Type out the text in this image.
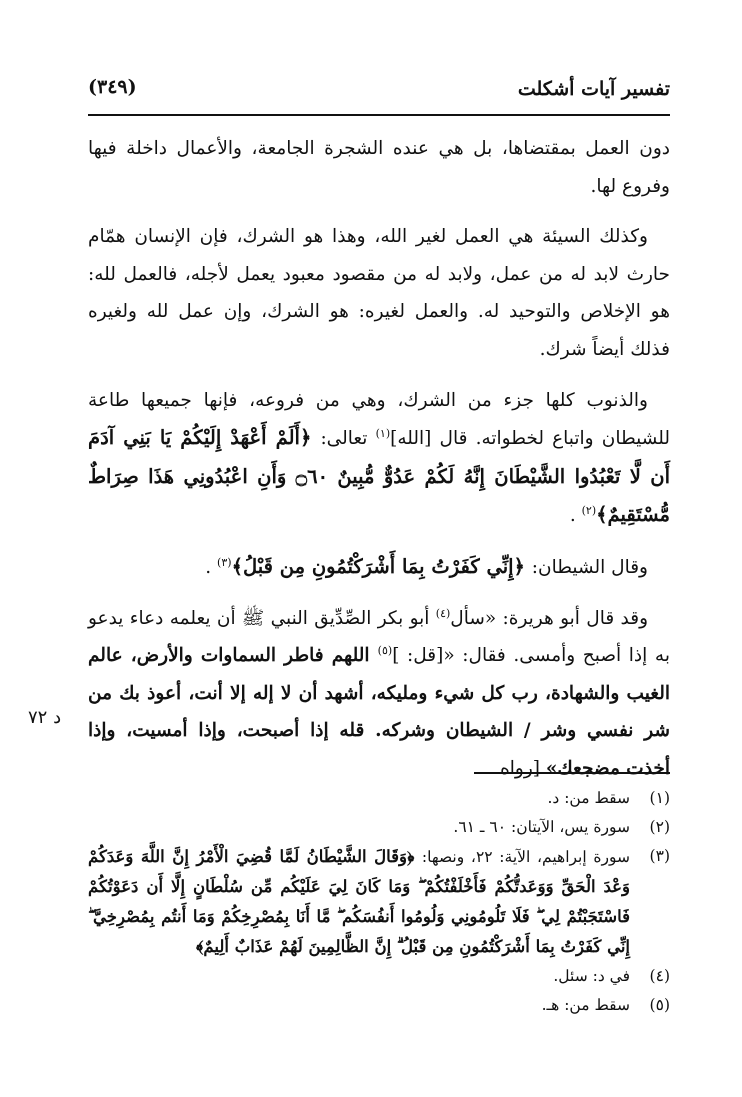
تفسير آيات أشكلت
(٣٤٩)

دون العمل بمقتضاها، بل هي عنده الشجرة الجامعة، والأعمال داخلة فيها وفروع لها.

وكذلك السيئة هي العمل لغير الله، وهذا هو الشرك، فإن الإنسان همّام حارث لابد له من عمل، ولابد له من مقصود معبود يعمل لأجله، فالعمل لله: هو الإخلاص والتوحيد له. والعمل لغيره: هو الشرك، وإن عمل لله ولغيره فذلك أيضاً شرك.

والذنوب كلها جزء من الشرك، وهي من فروعه، فإنها جميعها طاعة للشيطان واتباع لخطواته. قال [الله]$^{(١)}$ تعالى: ﴿أَلَمْ أَعْهَدْ إِلَيْكُمْ يَا بَنِي آدَمَ أَن لَّا تَعْبُدُوا الشَّيْطَانَ إِنَّهُ لَكُمْ عَدُوٌّ مُّبِينٌ ۝٦٠ وَأَنِ اعْبُدُونِي هَذَا صِرَاطٌ مُّسْتَقِيمٌ﴾$^{(٢)}$ .

وقال الشيطان: ﴿إِنِّي كَفَرْتُ بِمَا أَشْرَكْتُمُونِ مِن قَبْلُ﴾$^{(٣)}$ .

وقد قال أبو هريرة: «سأل$^{(٤)}$ أبو بكر الصِّدِّيق النبي ﷺ أن يعلمه دعاء يدعو به إذا أصبح وأمسى. فقال: «[قل: ]$^{(٥)}$ اللهم فاطر السماوات والأرض، عالم الغيب والشهادة، رب كل شيء ومليكه، أشهد أن لا إله إلا أنت، أعوذ بك من شر نفسي وشر / الشيطان وشركه. قله إذا أصبحت، وإذا أمسيت، وإذا أخذت مضجعك» [رواه

د ٧٢
(١)
سقط من: د.
(٢)
سورة يس، الآيتان: ٦٠ ـ ٦١.
(٣)
سورة إبراهيم، الآية: ٢٢، ونصها: ﴿وَقَالَ الشَّيْطَانُ لَمَّا قُضِيَ الْأَمْرُ إِنَّ اللَّهَ وَعَدَكُمْ وَعْدَ الْحَقِّ وَوَعَدتُّكُمْ فَأَخْلَفْتُكُمْ ۖ وَمَا كَانَ لِيَ عَلَيْكُم مِّن سُلْطَانٍ إِلَّا أَن دَعَوْتُكُمْ فَاسْتَجَبْتُمْ لِي ۖ فَلَا تَلُومُونِي وَلُومُوا أَنفُسَكُم ۖ مَّا أَنَا بِمُصْرِخِكُمْ وَمَا أَنتُم بِمُصْرِخِيَّ ۖ إِنِّي كَفَرْتُ بِمَا أَشْرَكْتُمُونِ مِن قَبْلُ ۗ إِنَّ الظَّالِمِينَ لَهُمْ عَذَابٌ أَلِيمٌ﴾
(٤)
في د: سئل.
(٥)
سقط من: هـ.
